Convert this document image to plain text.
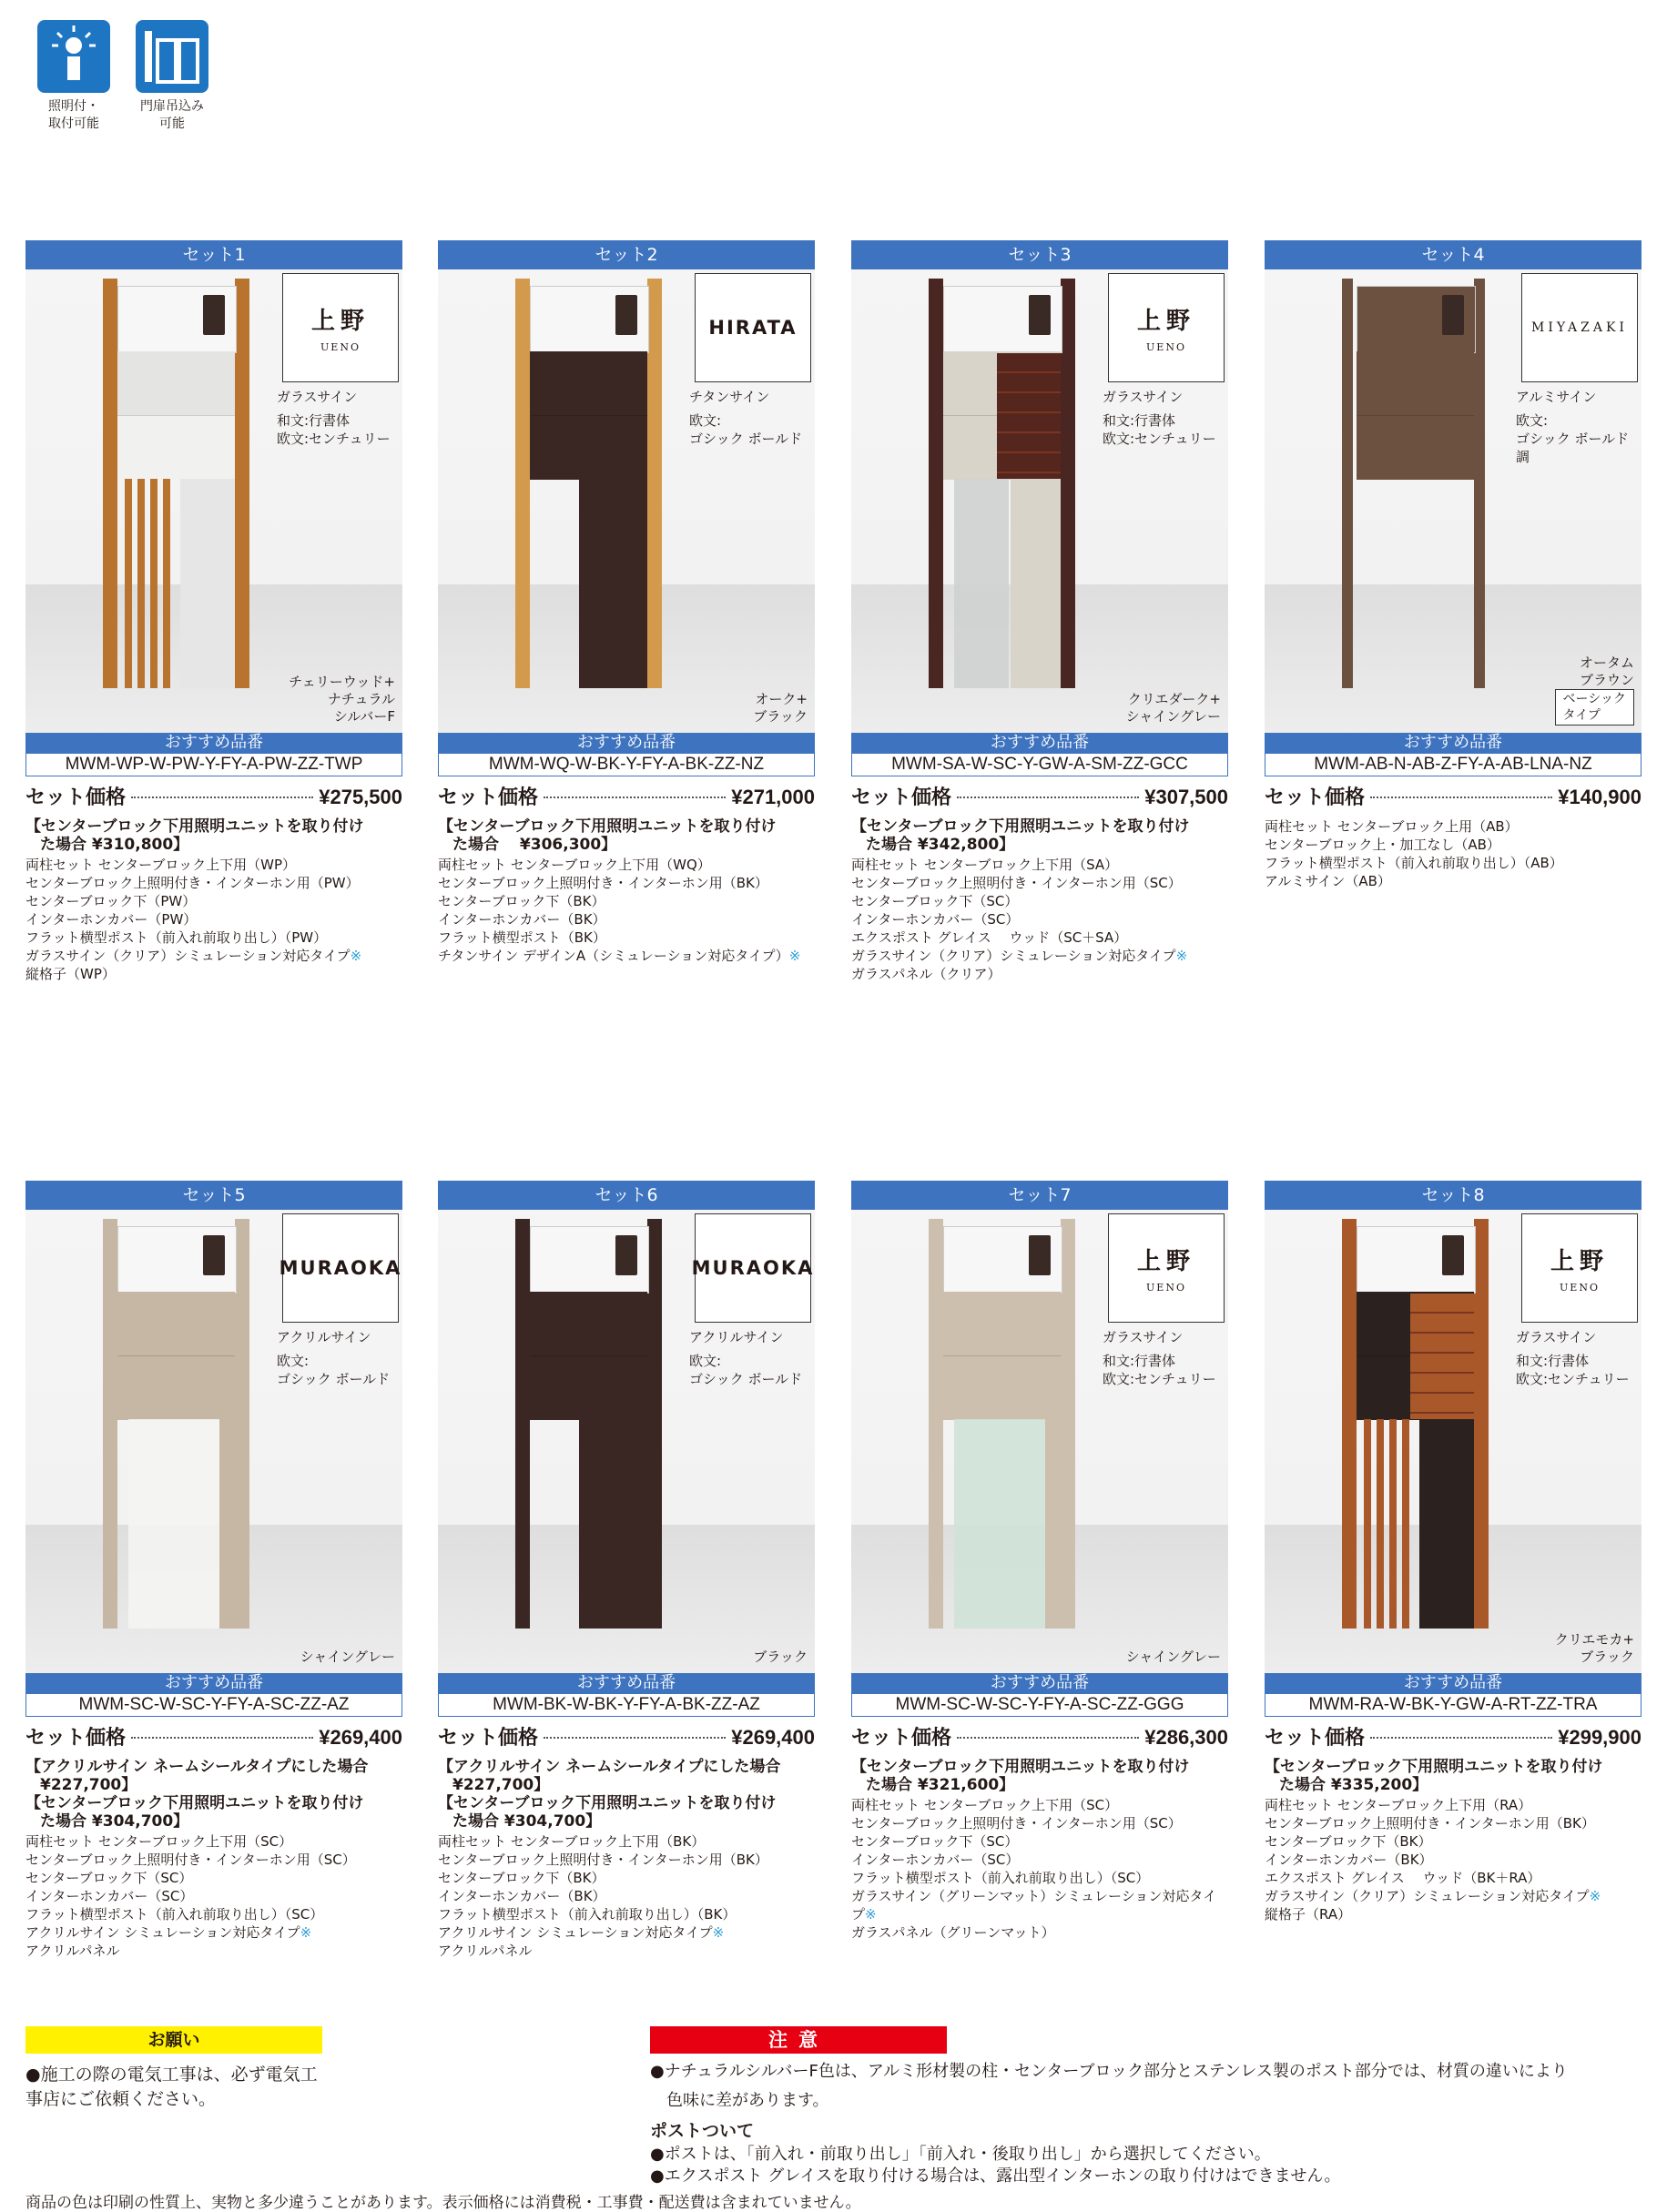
照明付・
取付可能
門扉吊込み
可能
セット1
上野
UENO
ガラスサイン
和文:行書体
欧文:センチュリー
チェリーウッド+
ナチュラル
シルバーF
おすすめ品番
MWM-WP-W-PW-Y-FY-A-PW-ZZ-TWP
セット価格	¥275,500
【センターブロック下用照明ユニットを取り付け
た場合 ¥310,800】
両柱セット センターブロック上下用（WP）
センターブロック上照明付き・インターホン用（PW）
センターブロック下（PW）
インターホンカバー（PW）
フラット横型ポスト（前入れ前取り出し）（PW）
ガラスサイン（クリア）シミュレーション対応タイプ※
縦格子（WP）
セット2
HIRATA
チタンサイン
欧文:
ゴシック ボールド
オーク+
ブラック
おすすめ品番
MWM-WQ-W-BK-Y-FY-A-BK-ZZ-NZ
セット価格	¥271,000
【センターブロック下用照明ユニットを取り付け
た場合　 ¥306,300】
両柱セット センターブロック上下用（WQ）
センターブロック上照明付き・インターホン用（BK）
センターブロック下（BK）
インターホンカバー（BK）
フラット横型ポスト（BK）
チタンサイン デザインA（シミュレーション対応タイプ）※
セット3
上野
UENO
ガラスサイン
和文:行書体
欧文:センチュリー
クリエダーク+
シャイングレー
おすすめ品番
MWM-SA-W-SC-Y-GW-A-SM-ZZ-GCC
セット価格	¥307,500
【センターブロック下用照明ユニットを取り付け
た場合 ¥342,800】
両柱セット センターブロック上下用（SA）
センターブロック上照明付き・インターホン用（SC）
センターブロック下（SC）
インターホンカバー（SC）
エクスポスト グレイス　 ウッド（SC＋SA）
ガラスサイン（クリア）シミュレーション対応タイプ※
ガラスパネル（クリア）
セット4
MIYAZAKI
アルミサイン
欧文:
ゴシック ボールド調
オータム
ブラウン
ベーシック
タイプ
おすすめ品番
MWM-AB-N-AB-Z-FY-A-AB-LNA-NZ
セット価格	¥140,900
両柱セット センターブロック上用（AB）
センターブロック上・加工なし（AB）
フラット横型ポスト（前入れ前取り出し）（AB）
アルミサイン（AB）
セット5
MURAOKA
アクリルサイン
欧文:
ゴシック ボールド
シャイングレー
おすすめ品番
MWM-SC-W-SC-Y-FY-A-SC-ZZ-AZ
セット価格	¥269,400
【アクリルサイン ネームシールタイプにした場合
¥227,700】
【センターブロック下用照明ユニットを取り付け
た場合 ¥304,700】
両柱セット センターブロック上下用（SC）
センターブロック上照明付き・インターホン用（SC）
センターブロック下（SC）
インターホンカバー（SC）
フラット横型ポスト（前入れ前取り出し）（SC）
アクリルサイン シミュレーション対応タイプ※
アクリルパネル
セット6
MURAOKA
アクリルサイン
欧文:
ゴシック ボールド
ブラック
おすすめ品番
MWM-BK-W-BK-Y-FY-A-BK-ZZ-AZ
セット価格	¥269,400
【アクリルサイン ネームシールタイプにした場合
¥227,700】
【センターブロック下用照明ユニットを取り付け
た場合 ¥304,700】
両柱セット センターブロック上下用（BK）
センターブロック上照明付き・インターホン用（BK）
センターブロック下（BK）
インターホンカバー（BK）
フラット横型ポスト（前入れ前取り出し）（BK）
アクリルサイン シミュレーション対応タイプ※
アクリルパネル
セット7
上野
UENO
ガラスサイン
和文:行書体
欧文:センチュリー
シャイングレー
おすすめ品番
MWM-SC-W-SC-Y-FY-A-SC-ZZ-GGG
セット価格	¥286,300
【センターブロック下用照明ユニットを取り付け
た場合 ¥321,600】
両柱セット センターブロック上下用（SC）
センターブロック上照明付き・インターホン用（SC）
センターブロック下（SC）
インターホンカバー（SC）
フラット横型ポスト（前入れ前取り出し）（SC）
ガラスサイン（グリーンマット）シミュレーション対応タイプ※
ガラスパネル（グリーンマット）
セット8
上野
UENO
ガラスサイン
和文:行書体
欧文:センチュリー
クリエモカ+
ブラック
おすすめ品番
MWM-RA-W-BK-Y-GW-A-RT-ZZ-TRA
セット価格	¥299,900
【センターブロック下用照明ユニットを取り付け
た場合 ¥335,200】
両柱セット センターブロック上下用（RA）
センターブロック上照明付き・インターホン用（BK）
センターブロック下（BK）
インターホンカバー（BK）
エクスポスト グレイス　 ウッド（BK＋RA）
ガラスサイン（クリア）シミュレーション対応タイプ※
縦格子（RA）
お願い
●施工の際の電気工事は、必ず電気工事店にご依頼ください。
注意
●ナチュラルシルバーF色は、アルミ形材製の柱・センターブロック部分とステンレス製のポスト部分では、材質の違いにより
色味に差があります。
ポストついて
●ポストは、「前入れ・前取り出し」「前入れ・後取り出し」から選択してください。
●エクスポスト グレイスを取り付ける場合は、露出型インターホンの取り付けはできません。
商品の色は印刷の性質上、実物と多少違うことがあります。表示価格には消費税・工事費・配送費は含まれていません。
